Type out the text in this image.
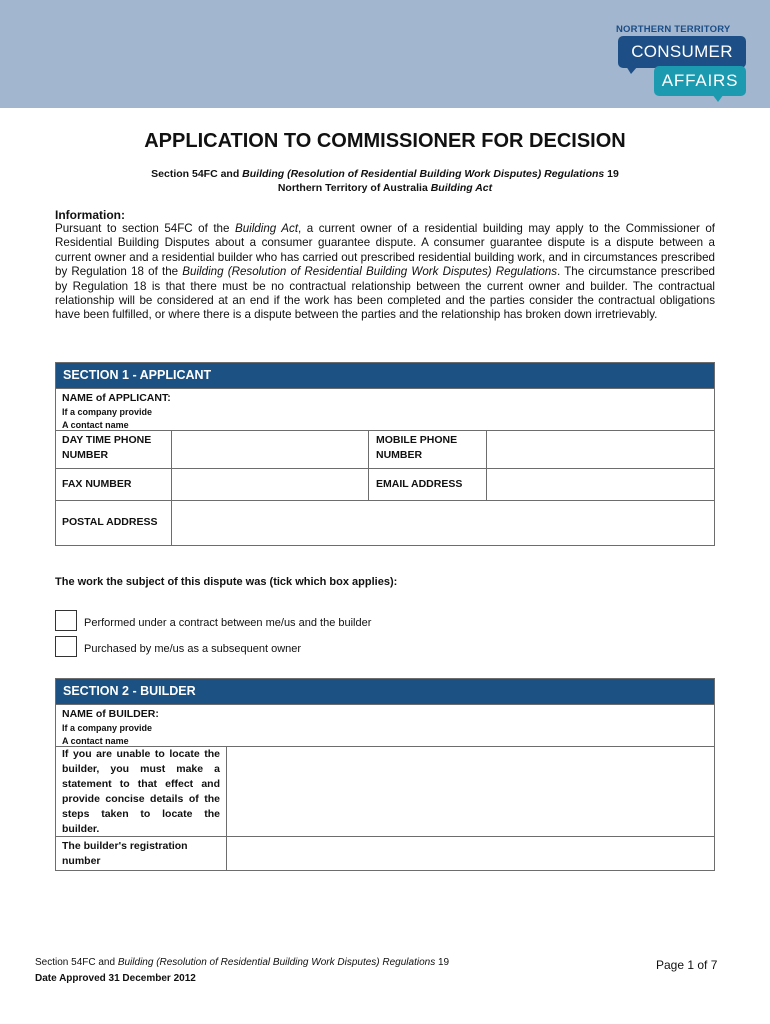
NORTHERN TERRITORY
CONSUMER
AFFAIRS
APPLICATION TO COMMISSIONER FOR DECISION
Section 54FC and Building (Resolution of Residential Building Work Disputes) Regulations 19
Northern Territory of Australia Building Act
Information:
Pursuant to section 54FC of the Building Act, a current owner of a residential building may apply to the Commissioner of Residential Building Disputes about a consumer guarantee dispute. A consumer guarantee dispute is a dispute between a current owner and a residential builder who has carried out prescribed residential building work, and in circumstances prescribed by Regulation 18 of the Building (Resolution of Residential Building Work Disputes) Regulations. The circumstance prescribed by Regulation 18 is that there must be no contractual relationship between the current owner and builder. The contractual relationship will be considered at an end if the work has been completed and the parties consider the contractual obligations have been fulfilled, or where there is a dispute between the parties and the relationship has broken down irretrievably.
SECTION 1 - APPLICANT
NAME of APPLICANT:
If a company provide
A contact name
DAY TIME PHONE
NUMBER
MOBILE PHONE
NUMBER
FAX NUMBER	EMAIL ADDRESS
POSTAL ADDRESS
The work the subject of this dispute was (tick which box applies):
Performed under a contract between me/us and the builder
Purchased by me/us as a subsequent owner
SECTION 2 - BUILDER
NAME of BUILDER:
If a company provide
A contact name
If you are unable to locate the builder, you must make a statement to that effect and provide concise details of the steps taken to locate the builder.
The builder's registration number
Section 54FC and Building (Resolution of Residential Building Work Disputes) Regulations 19
Date Approved 31 December 2012
Page 1 of 7
